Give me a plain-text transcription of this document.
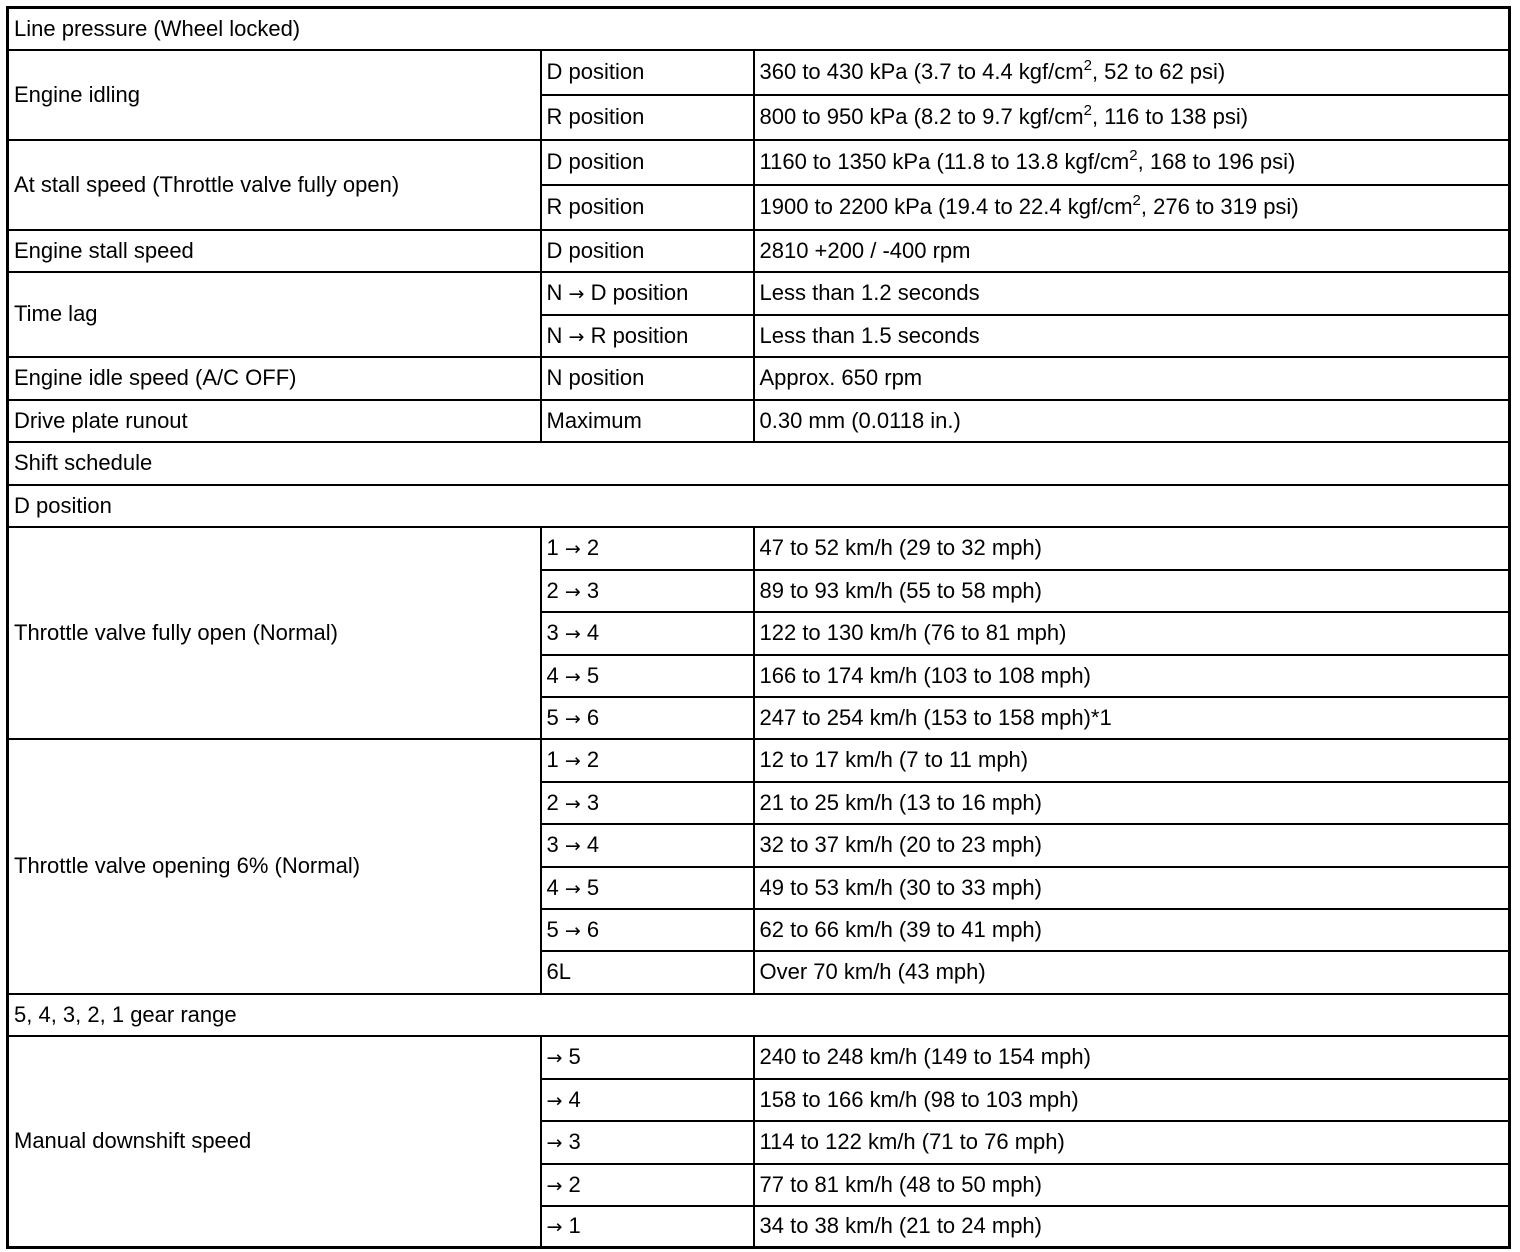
Line pressure (Wheel locked)		
Engine idling	D position	360 to 430 kPa (3.7 to 4.4 kgf/$cm^2$, 52 to 62 psi)
	R position	800 to 950 kPa (8.2 to 9.7 kgf/$cm^2$, 116 to 138 psi)
At stall speed (Throttle valve fully open)	D position	1160 to 1350 kPa (11.8 to 13.8 kgf/$cm^2$, 168 to 196 psi)
	R position	1900 to 2200 kPa (19.4 to 22.4 kgf/$cm^2$, 276 to 319 psi)
Engine stall speed	D position	2810 +200 / -400 rpm
Time lag	N → D position	Less than 1.2 seconds
	N → R position	Less than 1.5 seconds
Engine idle speed (A/C OFF)	N position	Approx. 650 rpm
Drive plate runout	Maximum	0.30 mm (0.0118 in.)
Shift schedule		
D position		
Throttle valve fully open (Normal)	1 → 2	47 to 52 km/h (29 to 32 mph)
	2 → 3	89 to 93 km/h (55 to 58 mph)
	3 → 4	122 to 130 km/h (76 to 81 mph)
	4 → 5	166 to 174 km/h (103 to 108 mph)
	5 → 6	247 to 254 km/h (153 to 158 mph)*1
Throttle valve opening 6% (Normal)	1 → 2	12 to 17 km/h (7 to 11 mph)
	2 → 3	21 to 25 km/h (13 to 16 mph)
	3 → 4	32 to 37 km/h (20 to 23 mph)
	4 → 5	49 to 53 km/h (30 to 33 mph)
	5 → 6	62 to 66 km/h (39 to 41 mph)
	6L	Over 70 km/h (43 mph)
5, 4, 3, 2, 1 gear range		
Manual downshift speed	→ 5	240 to 248 km/h (149 to 154 mph)
	→ 4	158 to 166 km/h (98 to 103 mph)
	→ 3	114 to 122 km/h (71 to 76 mph)
	→ 2	77 to 81 km/h (48 to 50 mph)
	→ 1	34 to 38 km/h (21 to 24 mph)
